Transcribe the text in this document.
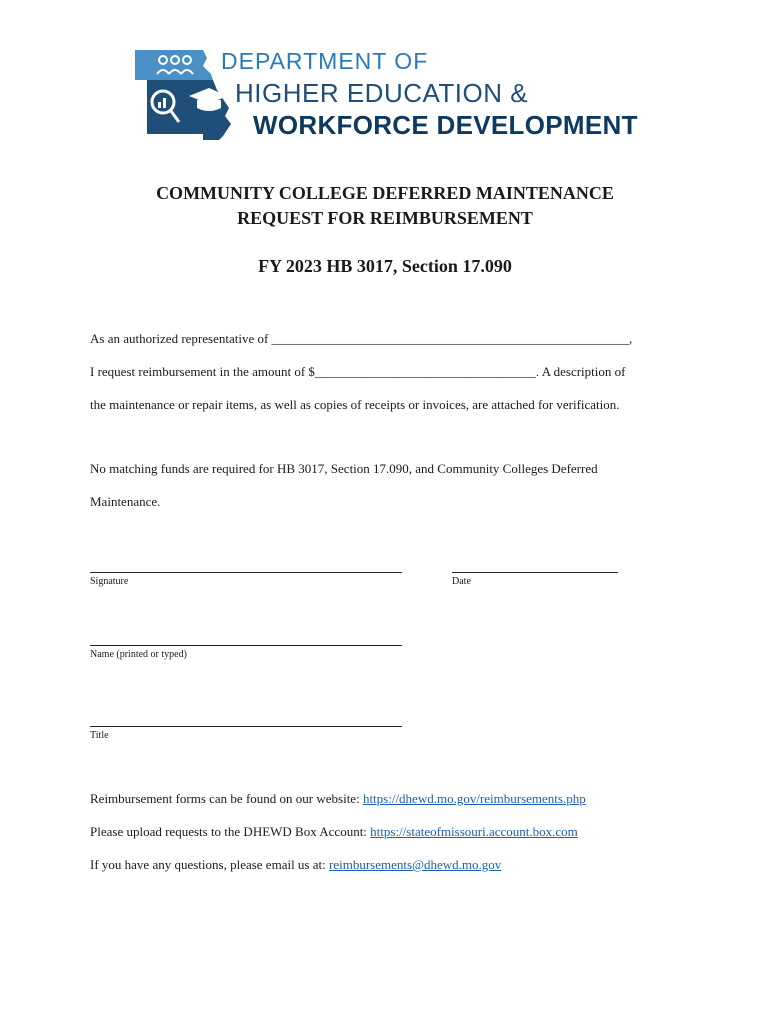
DEPARTMENT OF
HIGHER EDUCATION &
WORKFORCE DEVELOPMENT
COMMUNITY COLLEGE DEFERRED MAINTENANCE
REQUEST FOR REIMBURSEMENT
FY 2023 HB 3017, Section 17.090
As an authorized representative of _______________________________________________________,
I request reimbursement in the amount of $__________________________________. A description of
the maintenance or repair items, as well as copies of receipts or invoices, are attached for verification.
No matching funds are required for HB 3017, Section 17.090, and Community Colleges Deferred
Maintenance.
Signature	Date
Name (printed or typed)
Title
Reimbursement forms can be found on our website: https://dhewd.mo.gov/reimbursements.php
Please upload requests to the DHEWD Box Account: https://stateofmissouri.account.box.com
If you have any questions, please email us at: reimbursements@dhewd.mo.gov
